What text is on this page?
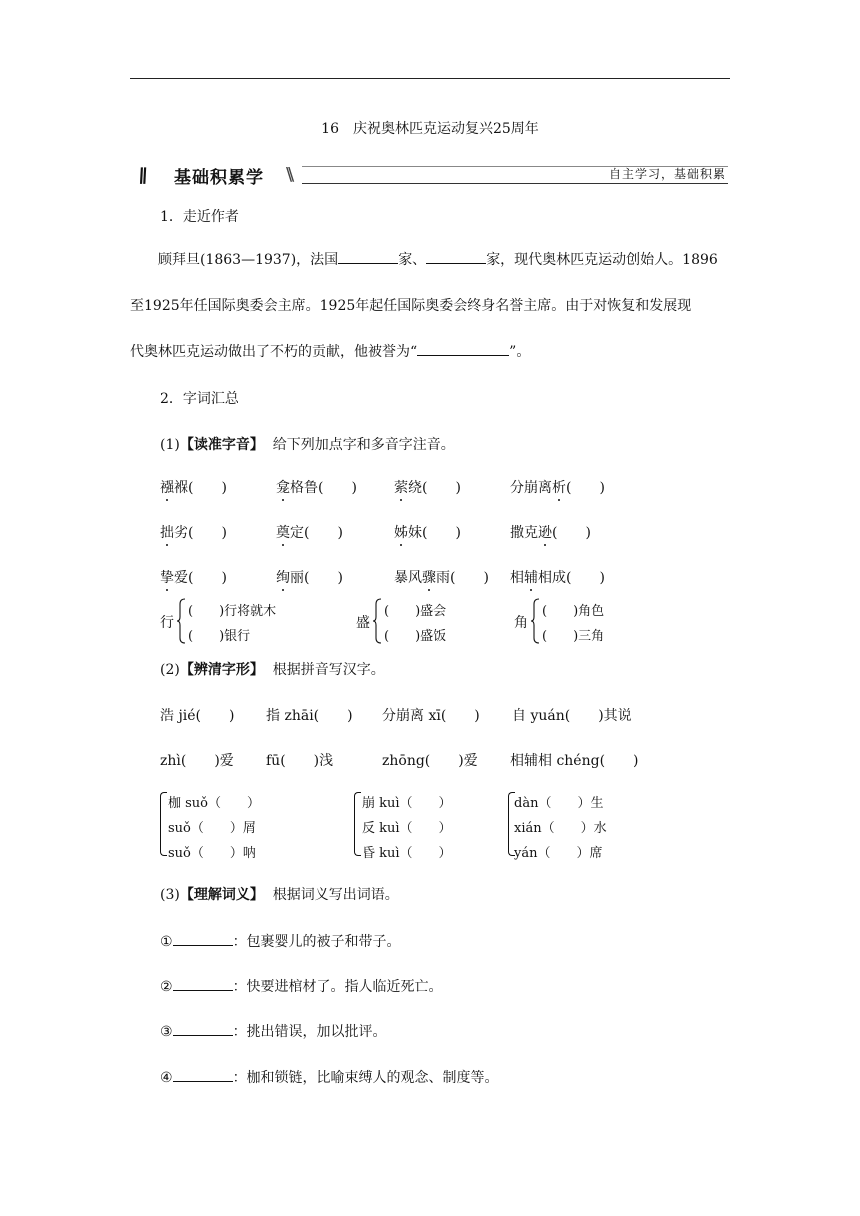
16　庆祝奥林匹克运动复兴25周年
\\ 基础积累学 \\	自主学习，基础积累
1．走近作者
顾拜旦(1863—1937)，法国	家、	家，现代奥林匹克运动创始人。1896
至1925年任国际奥委会主席。1925年起任国际奥委会终身名誉主席。由于对恢复和发展现
代奥林匹克运动做出了不朽的贡献，他被誉为“	”。
2．字词汇总
(1)【读准字音】 给下列加点字和多音字注音。
襁褓(　　)	龛格鲁(　　)	萦绕(　　)	分崩离析(　　)
拙劣(　　)	奠定(　　)	姊妹(　　)	撒克逊(　　)
挚爱(　　)	绚丽(　　)	暴风骤雨(　　) 相辅相成(　　)
行
(　　)行将就木
(　　)银行
盛
(　　)盛会
(　　)盛饭
角
(　　)角色
(　　)三角
(2)【辨清字形】 根据拼音写汉字。
浩 jié(　　) 指 zhāi(　　) 分崩离 xī(　　) 自 yuán(　　)其说
zhì(　　)爱 fū(　　)浅	zhōng(　　)爱 相辅相 chéng(　　)
枷 suǒ（　　）
suǒ（　　）屑
suǒ（　　）呐
崩 kuì（　　）
反 kuì（　　）
昏 kuì（　　）
dàn（　　）生
xián（　　）水
yán（　　）席
(3)【理解词义】 根据词义写出词语。
①	：包裹婴儿的被子和带子。
②	：快要进棺材了。指人临近死亡。
③	：挑出错误，加以批评。
④	：枷和锁链，比喻束缚人的观念、制度等。
